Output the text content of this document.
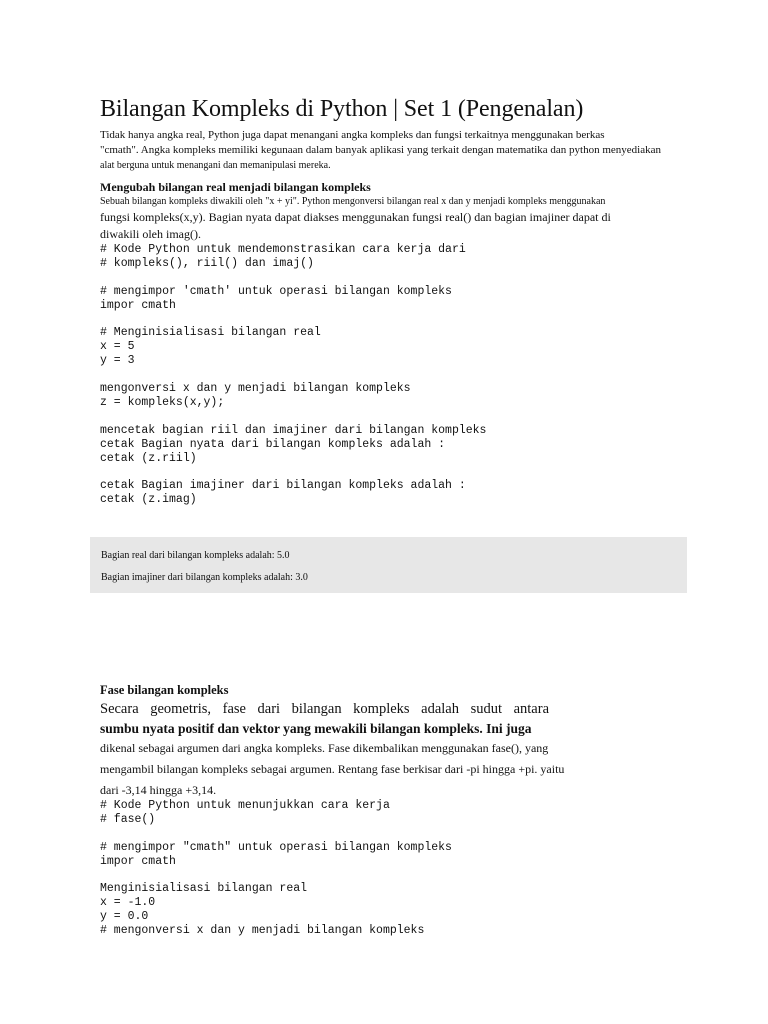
Bilangan Kompleks di Python | Set 1 (Pengenalan)

Tidak hanya angka real, Python juga dapat menangani angka kompleks dan fungsi terkaitnya menggunakan berkas
"cmath". Angka kompleks memiliki kegunaan dalam banyak aplikasi yang terkait dengan matematika dan python menyediakan
alat berguna untuk menangani dan memanipulasi mereka.

Mengubah bilangan real menjadi bilangan kompleks

Sebuah bilangan kompleks diwakili oleh "x + yi". Python mengonversi bilangan real x dan y menjadi kompleks menggunakan
fungsi kompleks(x,y). Bagian nyata dapat diakses menggunakan fungsi real() dan bagian imajiner dapat di
diwakili oleh imag().

# Kode Python untuk mendemonstrasikan cara kerja dari
# kompleks(), riil() dan imaj()

# mengimpor 'cmath' untuk operasi bilangan kompleks
impor cmath

# Menginisialisasi bilangan real
x = 5
y = 3

mengonversi x dan y menjadi bilangan kompleks
z = kompleks(x,y);

mencetak bagian riil dan imajiner dari bilangan kompleks
cetak Bagian nyata dari bilangan kompleks adalah :
cetak (z.riil)

cetak Bagian imajiner dari bilangan kompleks adalah :
cetak (z.imag)
Fase bilangan kompleks

Secara geometris, fase dari bilangan kompleks adalah sudut antara
sumbu nyata positif dan vektor yang mewakili bilangan kompleks. Ini juga
dikenal sebagai argumen dari angka kompleks. Fase dikembalikan menggunakan fase(), yang
mengambil bilangan kompleks sebagai argumen. Rentang fase berkisar dari -pi hingga +pi. yaitu
dari -3,14 hingga +3,14.

# Kode Python untuk menunjukkan cara kerja
# fase()

# mengimpor "cmath" untuk operasi bilangan kompleks
impor cmath

Menginisialisasi bilangan real
x = -1.0
y = 0.0
# mengonversi x dan y menjadi bilangan kompleks
Bagian real dari bilangan kompleks adalah: 5.0
Bagian imajiner dari bilangan kompleks adalah: 3.0
